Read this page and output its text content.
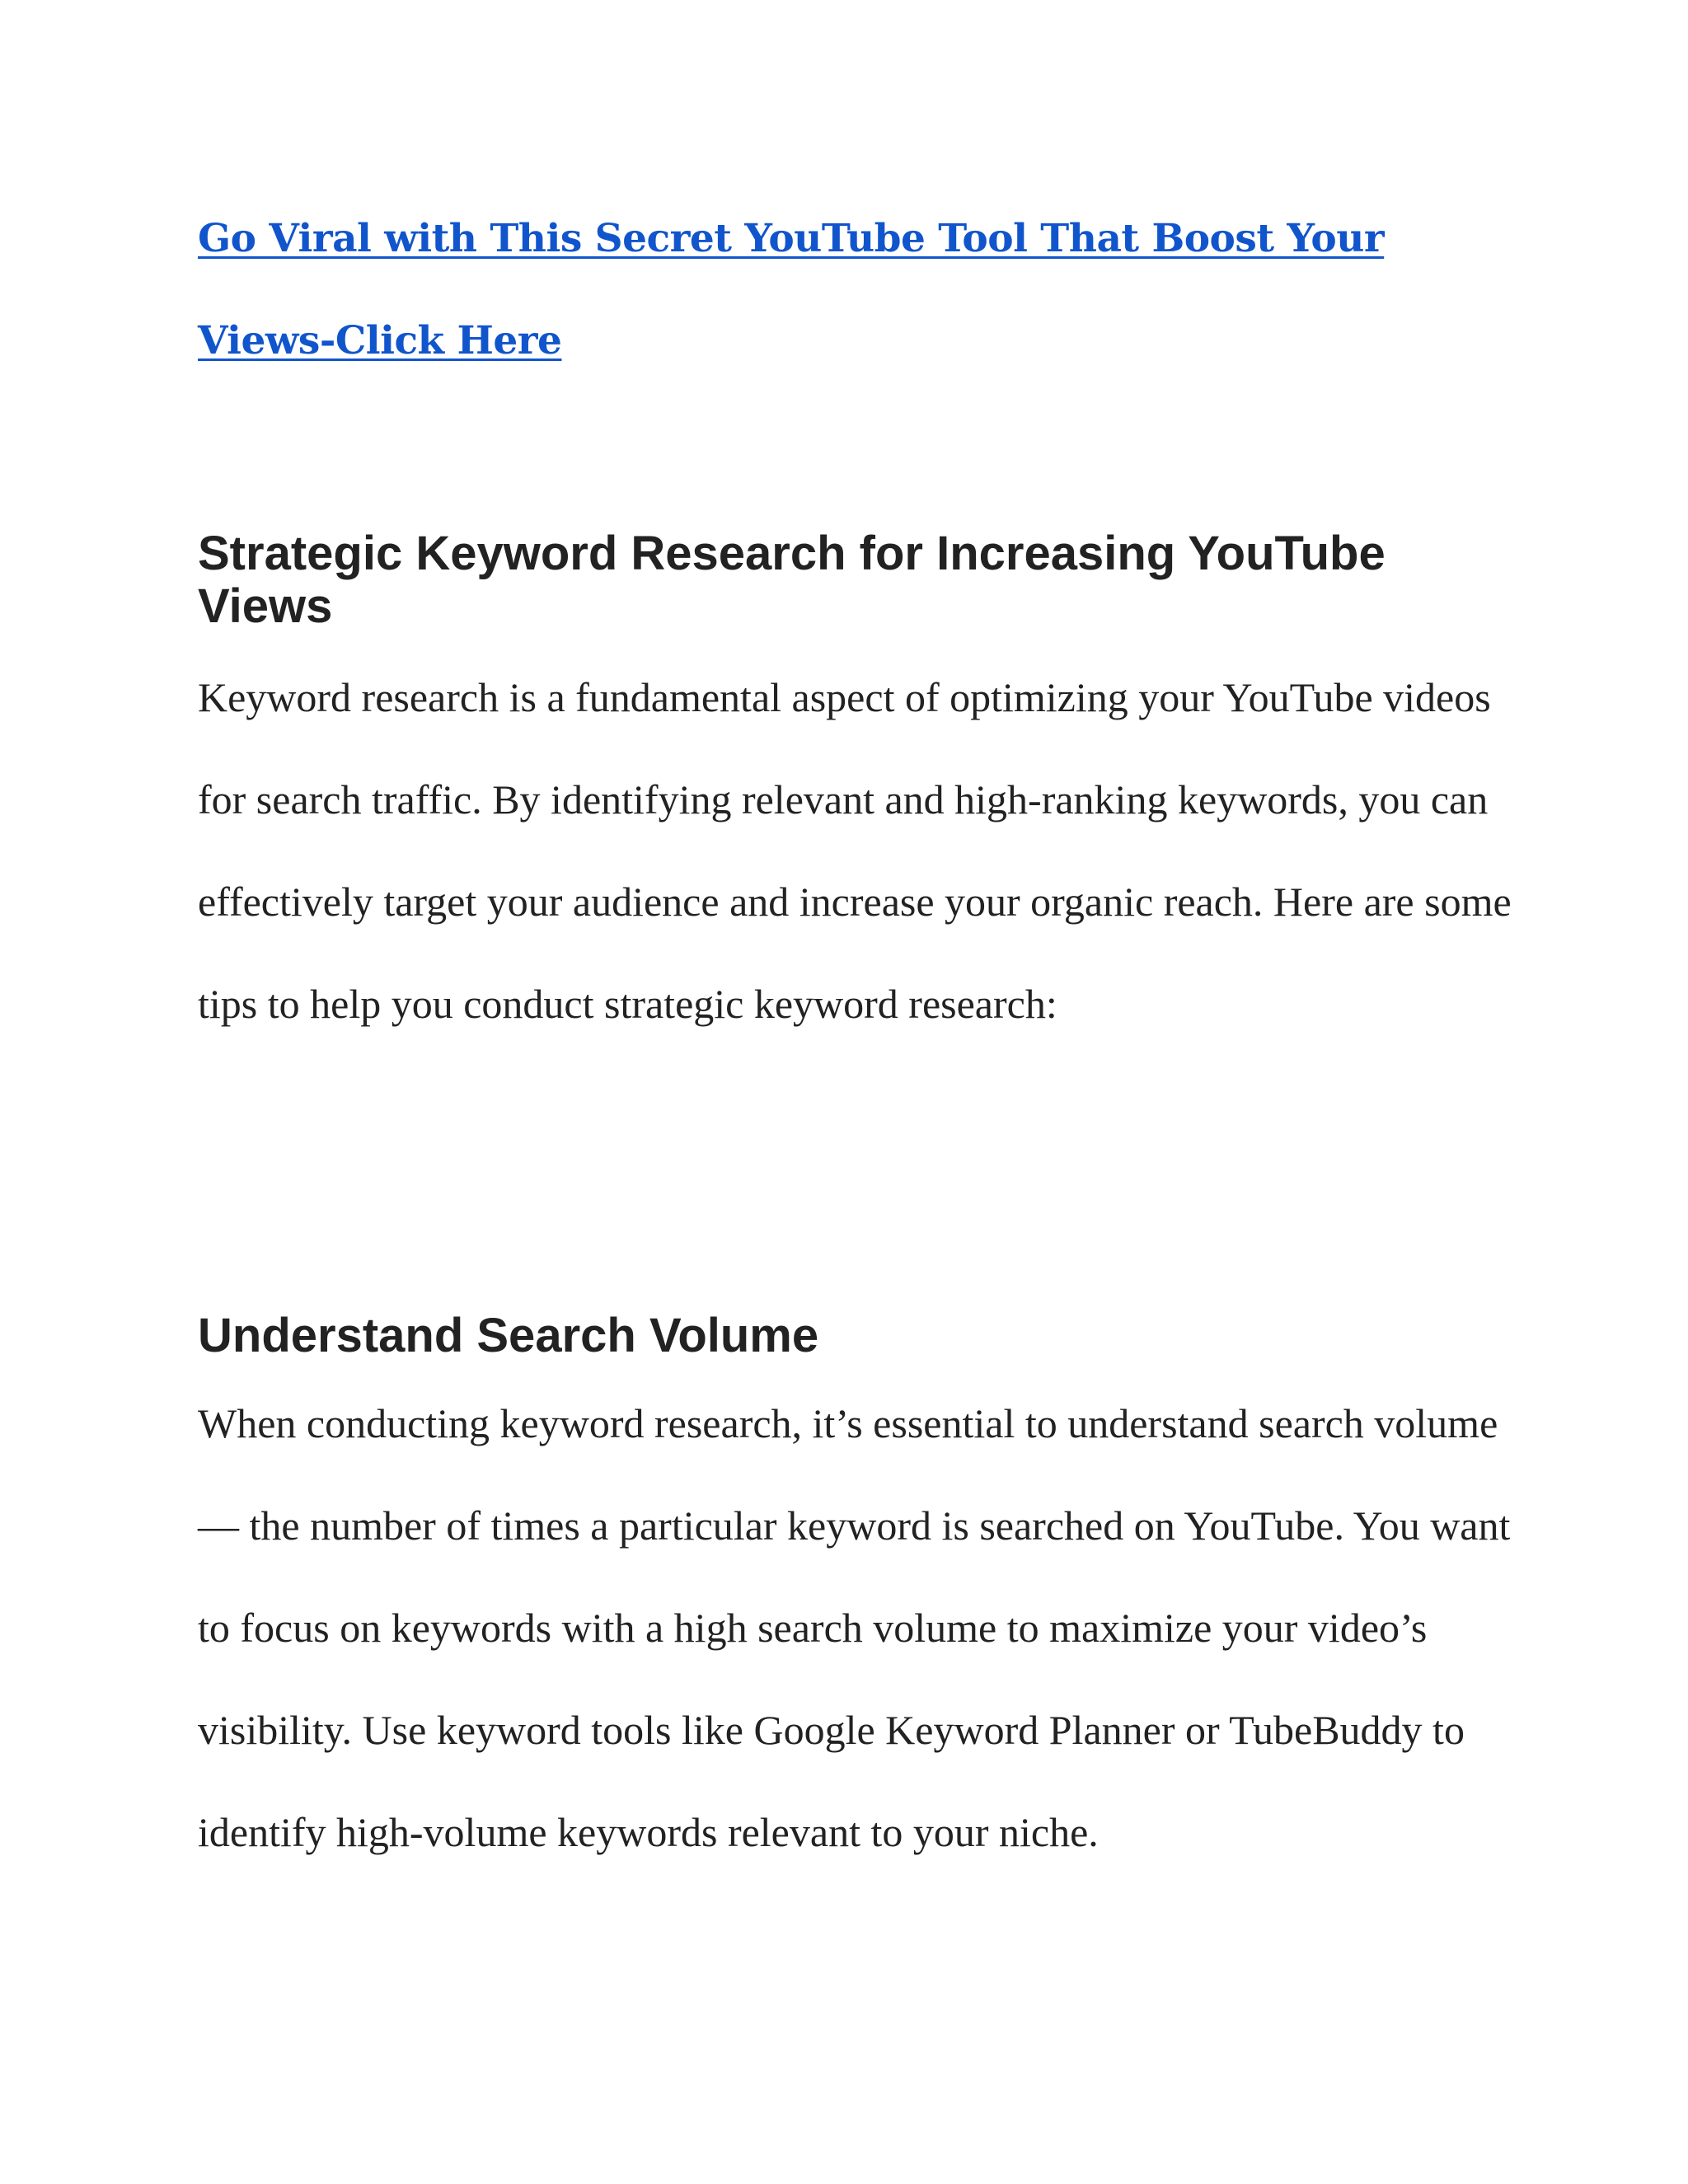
Go Viral with This Secret YouTube Tool That Boost Your Views-Click Here
Strategic Keyword Research for Increasing YouTube Views

Keyword research is a fundamental aspect of optimizing your YouTube videos for search traffic. By identifying relevant and high-ranking keywords, you can effectively target your audience and increase your organic reach. Here are some tips to help you conduct strategic keyword research:

Understand Search Volume

When conducting keyword research, it’s essential to understand search volume — the number of times a particular keyword is searched on YouTube. You want to focus on keywords with a high search volume to maximize your video’s visibility. Use keyword tools like Google Keyword Planner or TubeBuddy to identify high-volume keywords relevant to your niche.
